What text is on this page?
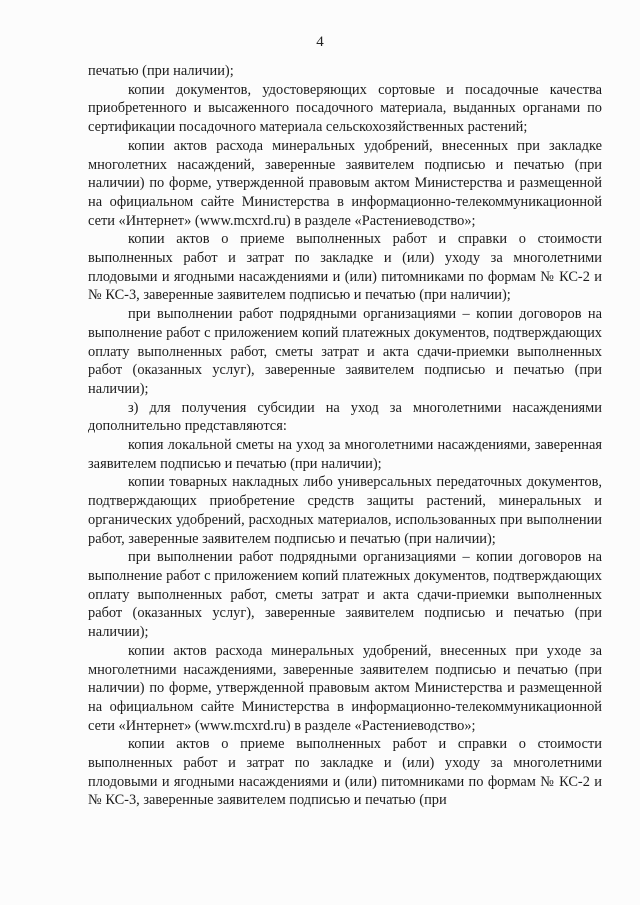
4

печатью (при наличии);

копии документов, удостоверяющих сортовые и посадочные качества приобретенного и высаженного посадочного материала, выданных органами по сертификации посадочного материала сельскохозяйственных растений;

копии актов расхода минеральных удобрений, внесенных при закладке многолетних насаждений, заверенные заявителем подписью и печатью (при наличии) по форме, утвержденной правовым актом Министерства и размещенной на официальном сайте Министерства в информационно-телекоммуникационной сети «Интернет» (www.mcxrd.ru) в разделе «Растениеводство»;

копии актов о приеме выполненных работ и справки о стоимости выполненных работ и затрат по закладке и (или) уходу за многолетними плодовыми и ягодными насаждениями и (или) питомниками по формам № КС-2 и № КС-3, заверенные заявителем подписью и печатью (при наличии);

при выполнении работ подрядными организациями – копии договоров на выполнение работ с приложением копий платежных документов, подтверждающих оплату выполненных работ, сметы затрат и акта сдачи-приемки выполненных работ (оказанных услуг), заверенные заявителем подписью и печатью (при наличии);

з) для получения субсидии на уход за многолетними насаждениями дополнительно представляются:

копия локальной сметы на уход за многолетними насаждениями, заверенная заявителем подписью и печатью (при наличии);

копии товарных накладных либо универсальных передаточных документов, подтверждающих приобретение средств защиты растений, минеральных и органических удобрений, расходных материалов, использованных при выполнении работ, заверенные заявителем подписью и печатью (при наличии);

при выполнении работ подрядными организациями – копии договоров на выполнение работ с приложением копий платежных документов, подтверждающих оплату выполненных работ, сметы затрат и акта сдачи-приемки выполненных работ (оказанных услуг), заверенные заявителем подписью и печатью (при наличии);

копии актов расхода минеральных удобрений, внесенных при уходе за многолетними насаждениями, заверенные заявителем подписью и печатью (при наличии) по форме, утвержденной правовым актом Министерства и размещенной на официальном сайте Министерства в информационно-телекоммуникационной сети «Интернет» (www.mcxrd.ru) в разделе «Растениеводство»;

копии актов о приеме выполненных работ и справки о стоимости выполненных работ и затрат по закладке и (или) уходу за многолетними плодовыми и ягодными насаждениями и (или) питомниками по формам № КС-2 и № КС-3, заверенные заявителем подписью и печатью (при
